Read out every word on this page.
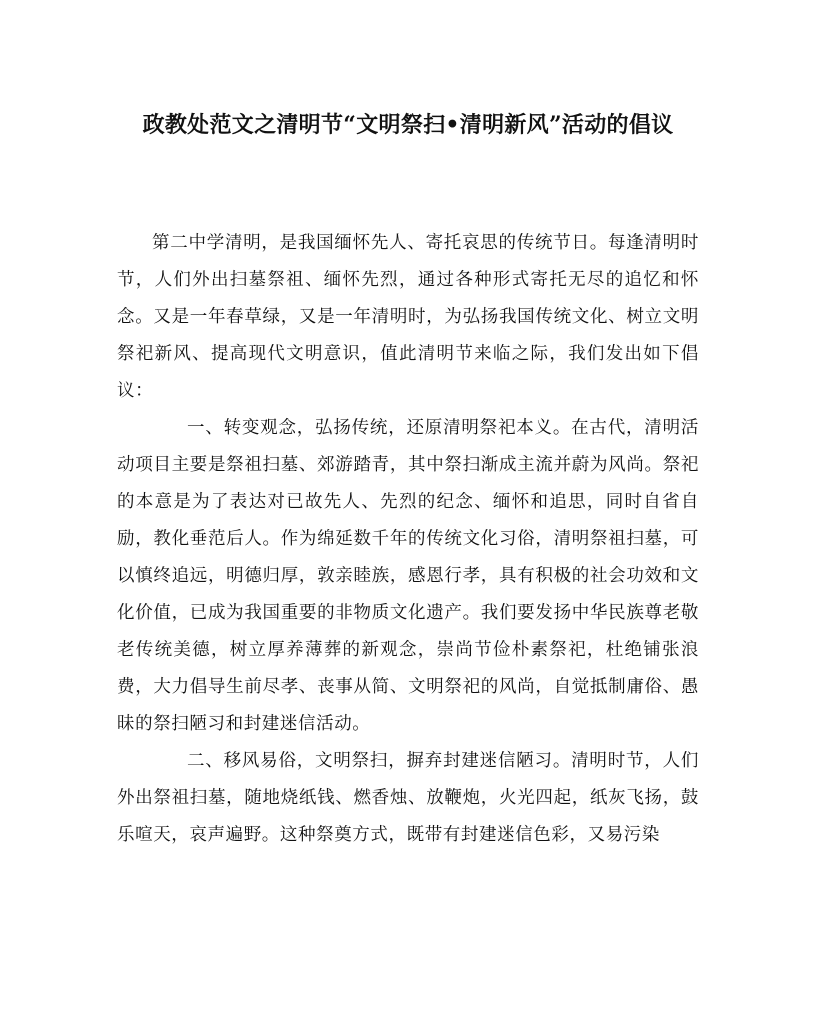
政教处范文之清明节“文明祭扫•清明新风”活动的倡议

第二中学清明，是我国缅怀先人、寄托哀思的传统节日。每逢清明时节，人们外出扫墓祭祖、缅怀先烈，通过各种形式寄托无尽的追忆和怀念。又是一年春草绿，又是一年清明时，为弘扬我国传统文化、树立文明祭祀新风、提高现代文明意识，值此清明节来临之际，我们发出如下倡议：

一、转变观念，弘扬传统，还原清明祭祀本义。在古代，清明活动项目主要是祭祖扫墓、郊游踏青，其中祭扫渐成主流并蔚为风尚。祭祀的本意是为了表达对已故先人、先烈的纪念、缅怀和追思，同时自省自励，教化垂范后人。作为绵延数千年的传统文化习俗，清明祭祖扫墓，可以慎终追远，明德归厚，敦亲睦族，感恩行孝，具有积极的社会功效和文化价值，已成为我国重要的非物质文化遗产。我们要发扬中华民族尊老敬老传统美德，树立厚养薄葬的新观念，崇尚节俭朴素祭祀，杜绝铺张浪费，大力倡导生前尽孝、丧事从简、文明祭祀的风尚，自觉抵制庸俗、愚昧的祭扫陋习和封建迷信活动。

二、移风易俗，文明祭扫，摒弃封建迷信陋习。清明时节，人们外出祭祖扫墓，随地烧纸钱、燃香烛、放鞭炮，火光四起，纸灰飞扬，鼓乐喧天，哀声遍野。这种祭奠方式，既带有封建迷信色彩，又易污染
